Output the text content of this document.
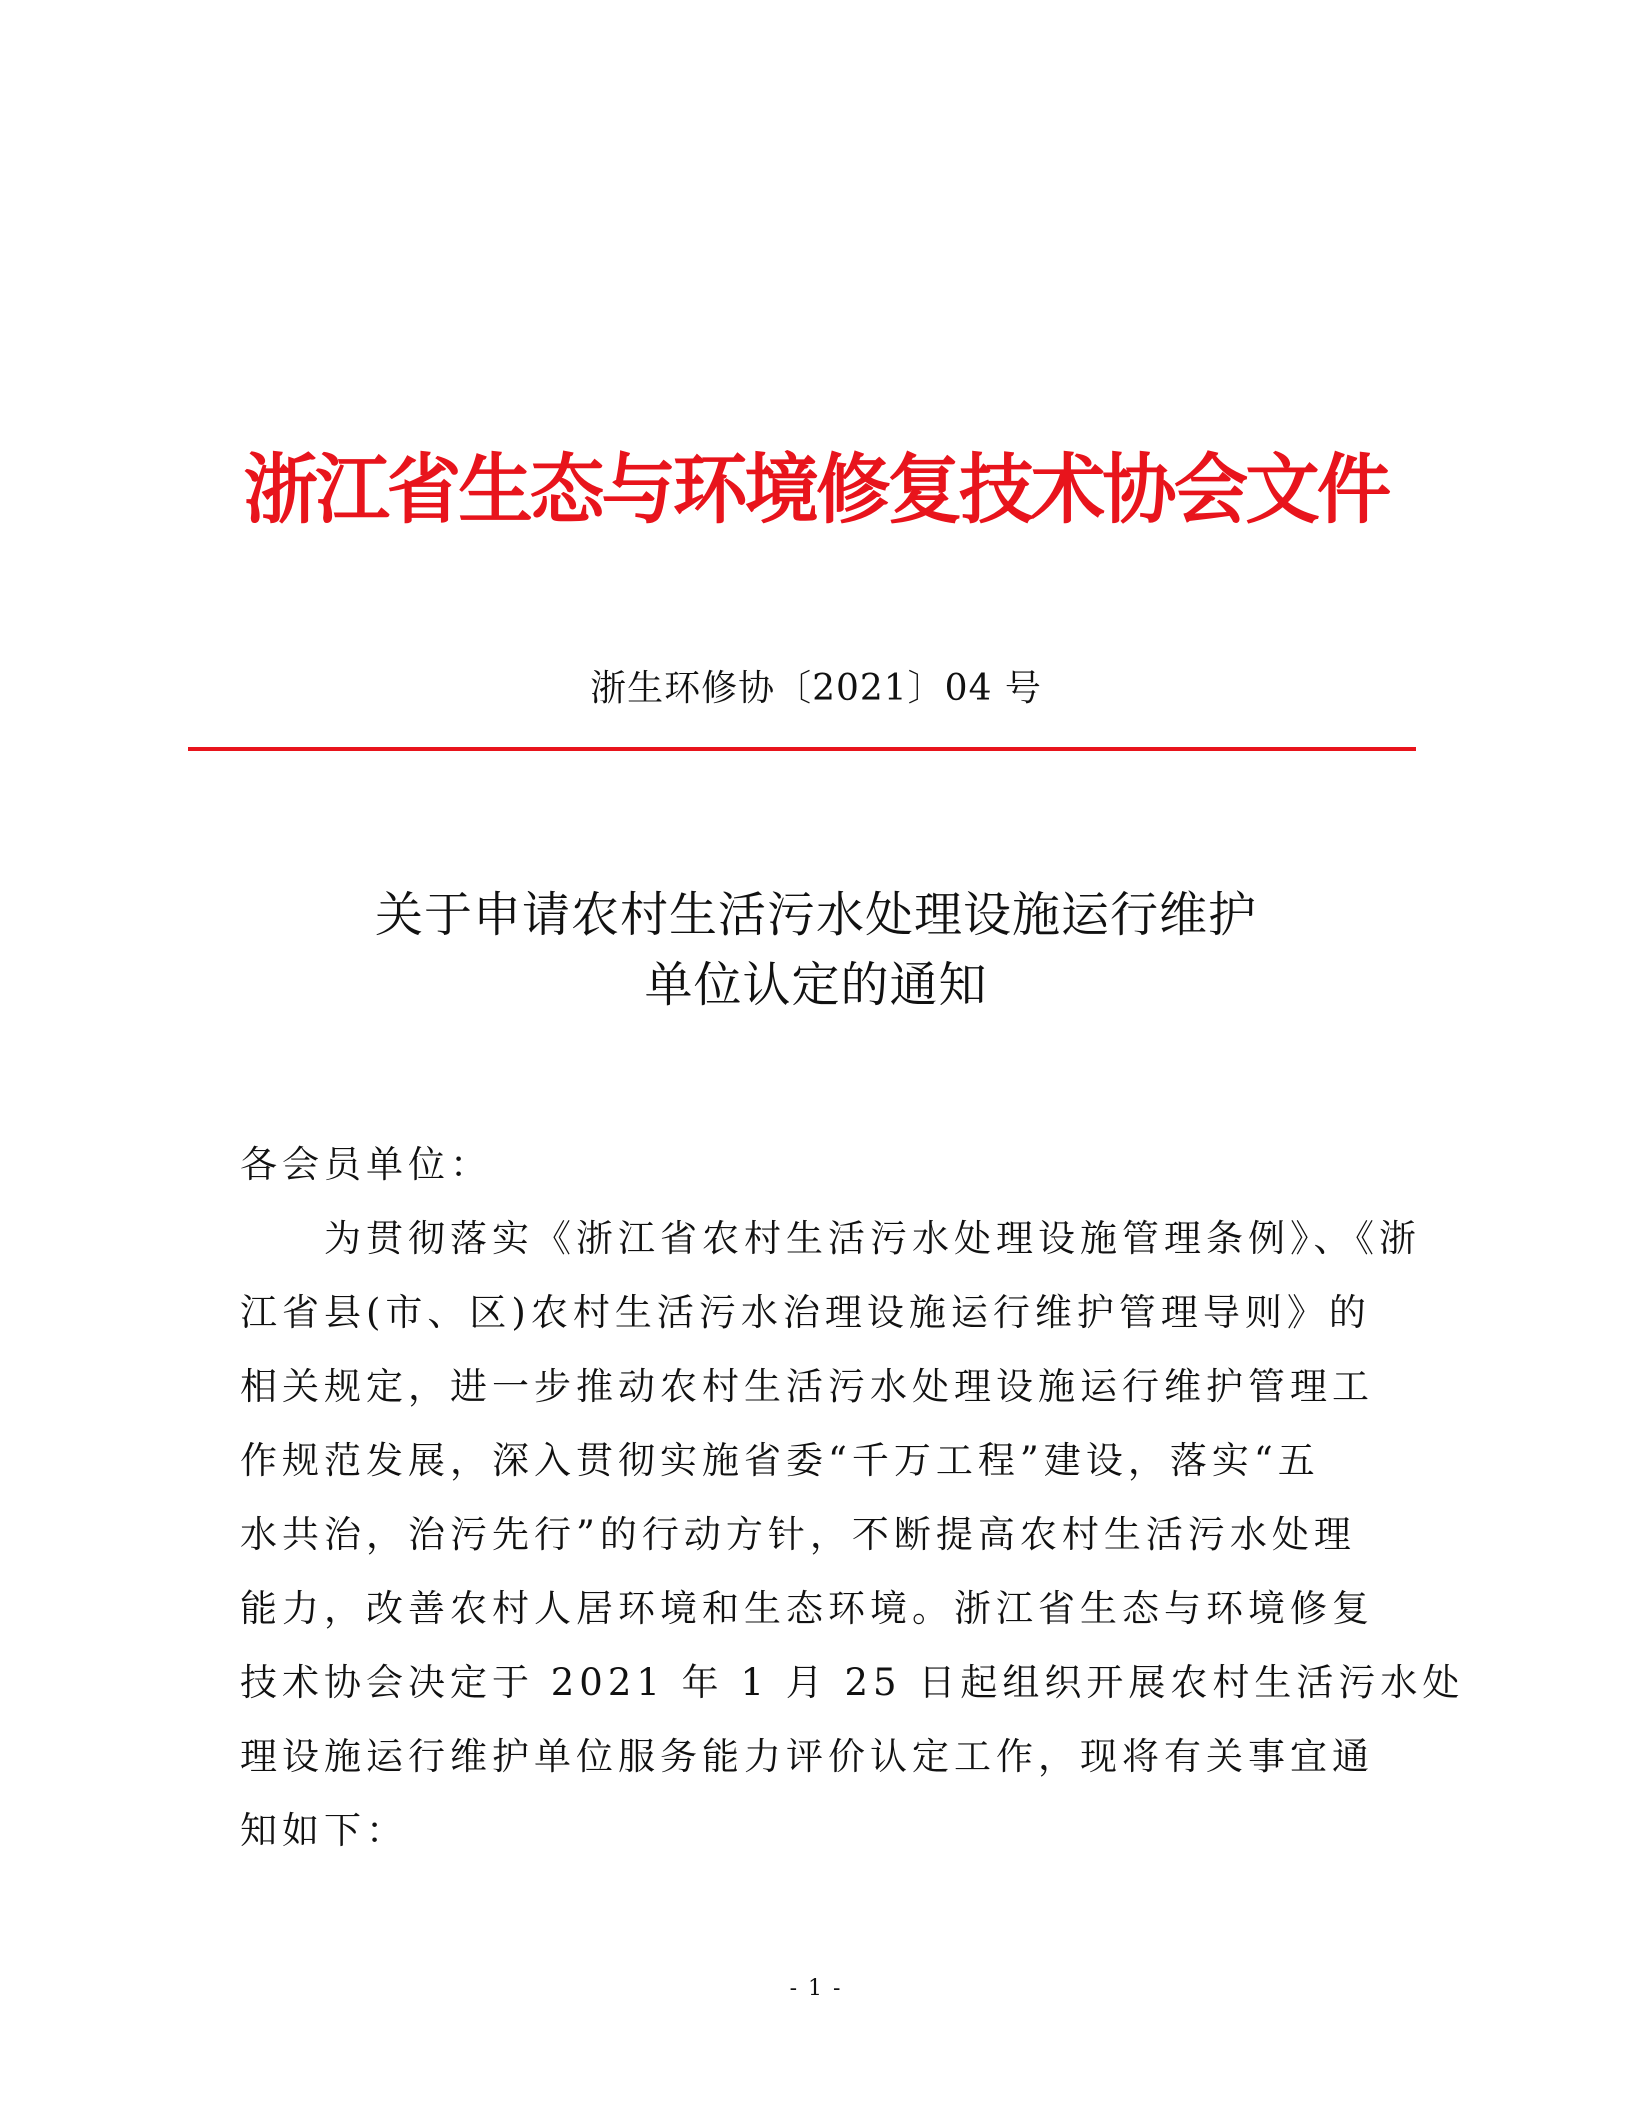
浙江省生态与环境修复技术协会文件
浙生环修协〔2021〕04 号
关于申请农村生活污水处理设施运行维护
单位认定的通知
各会员单位：
　　为贯彻落实《浙江省农村生活污水处理设施管理条例》、《浙
江省县(市、区)农村生活污水治理设施运行维护管理导则》的
相关规定，进一步推动农村生活污水处理设施运行维护管理工
作规范发展，深入贯彻实施省委“千万工程”建设，落实“五
水共治，治污先行”的行动方针，不断提高农村生活污水处理
能力，改善农村人居环境和生态环境。浙江省生态与环境修复
技术协会决定于 2021 年 1 月 25 日起组织开展农村生活污水处
理设施运行维护单位服务能力评价认定工作，现将有关事宜通
知如下：
- 1 -
